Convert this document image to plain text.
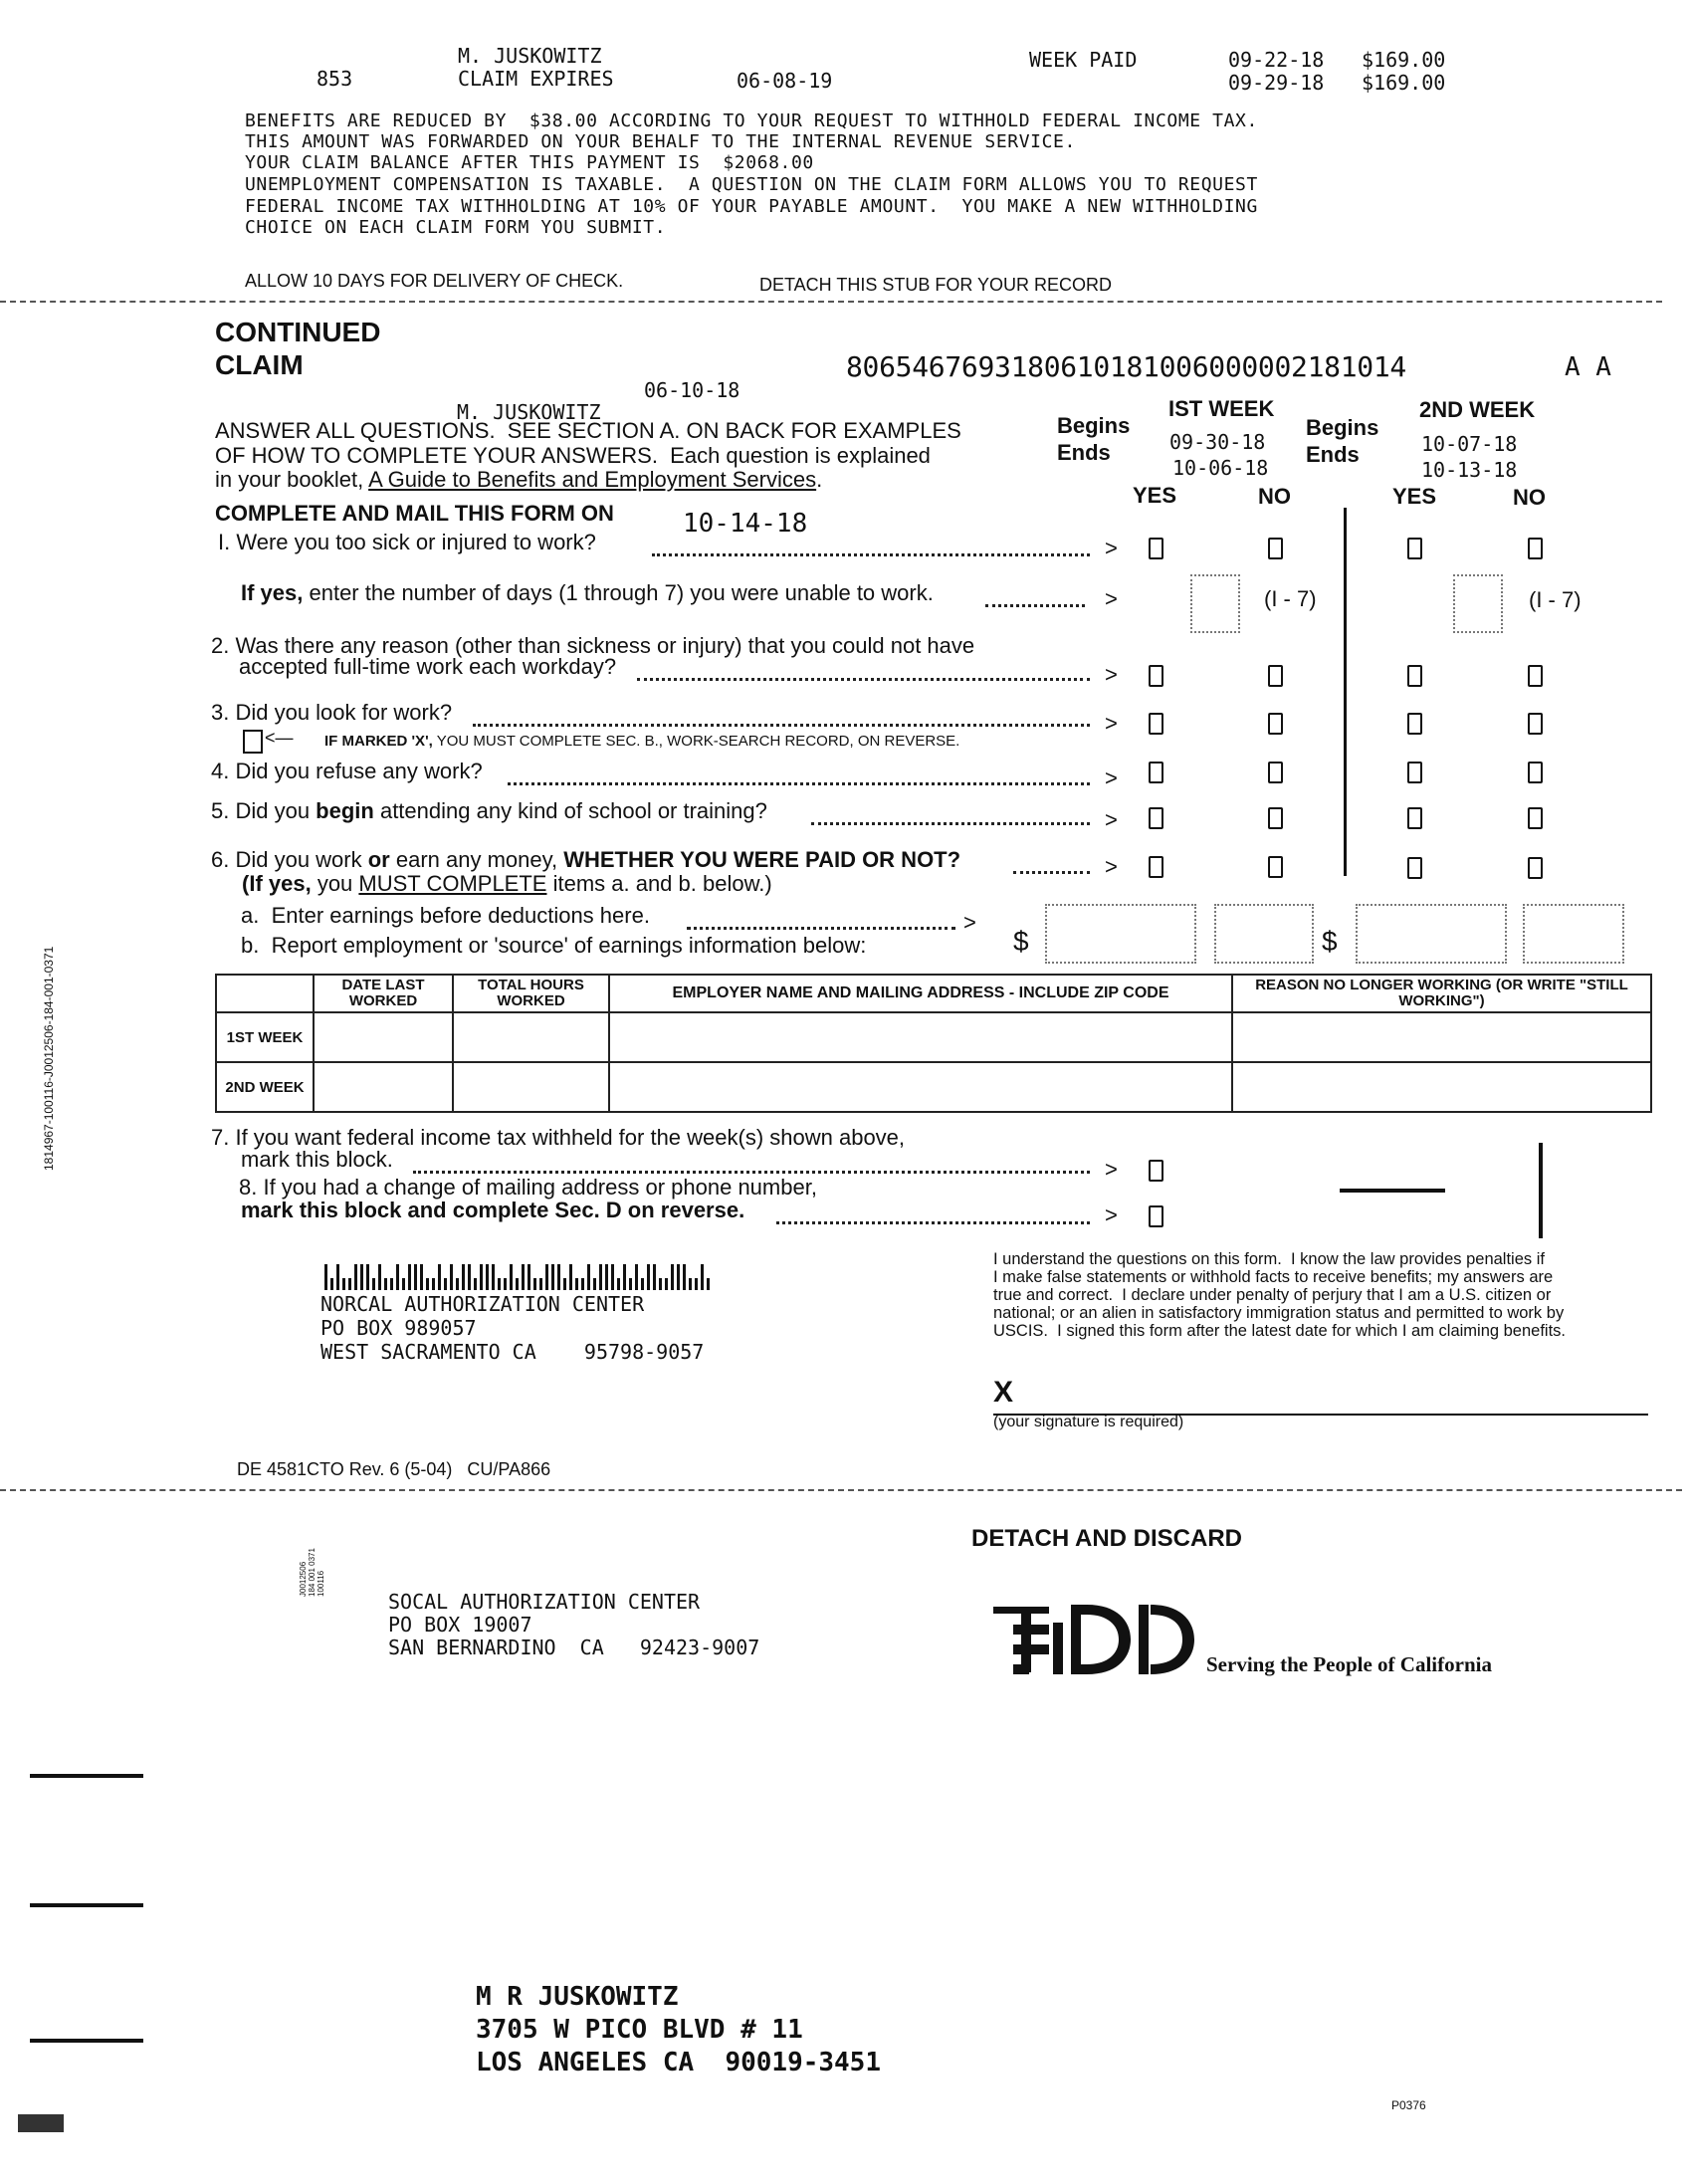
M. JUSKOWITZ
853	CLAIM EXPIRES	06-08-19
WEEK PAID	09-22-18 $169.00
09-29-18 $169.00
BENEFITS ARE REDUCED BY  $38.00 ACCORDING TO YOUR REQUEST TO WITHHOLD FEDERAL INCOME TAX.
THIS AMOUNT WAS FORWARDED ON YOUR BEHALF TO THE INTERNAL REVENUE SERVICE.
YOUR CLAIM BALANCE AFTER THIS PAYMENT IS  $2068.00
UNEMPLOYMENT COMPENSATION IS TAXABLE.  A QUESTION ON THE CLAIM FORM ALLOWS YOU TO REQUEST
FEDERAL INCOME TAX WITHHOLDING AT 10% OF YOUR PAYABLE AMOUNT.  YOU MAKE A NEW WITHHOLDING
CHOICE ON EACH CLAIM FORM YOU SUBMIT.
ALLOW 10 DAYS FOR DELIVERY OF CHECK.	DETACH THIS STUB FOR YOUR RECORD
CONTINUED
CLAIM	8065467693180610181006000002181014	A A
06-10-18
M. JUSKOWITZ
ANSWER ALL QUESTIONS.  SEE SECTION A. ON BACK FOR EXAMPLES
OF HOW TO COMPLETE YOUR ANSWERS.  Each question is explained
in your booklet, A Guide to Benefits and Employment Services.
IST WEEK
Begins
Ends	09-30-18
10-06-18
2ND WEEK
Begins
Ends	10-07-18
10-13-18
YES	NO	YES	NO
COMPLETE AND MAIL THIS FORM ON	10-14-18
I. Were you too sick or injured to work?	>
If yes, enter the number of days (1 through 7) you were unable to work.	>	(I - 7)	(I - 7)
2. Was there any reason (other than sickness or injury) that you could not have
accepted full-time work each workday?	>
3. Did you look for work?	>
<— IF MARKED 'X', YOU MUST COMPLETE SEC. B., WORK-SEARCH RECORD, ON REVERSE.
4. Did you refuse any work?	>
5. Did you begin attending any kind of school or training?	>
6. Did you work or earn any money, WHETHER YOU WERE PAID OR NOT?	>
(If yes, you MUST COMPLETE items a. and b. below.)
a.  Enter earnings before deductions here.	>
b.  Report employment or 'source' of earnings information below:	$	$
	DATE LAST WORKED	TOTAL HOURS WORKED	EMPLOYER NAME AND MAILING ADDRESS - INCLUDE ZIP CODE	REASON NO LONGER WORKING (OR WRITE "STILL WORKING")
1ST WEEK				
2ND WEEK				
7. If you want federal income tax withheld for the week(s) shown above,
mark this block.	>
8. If you had a change of mailing address or phone number,
mark this block and complete Sec. D on reverse.	>
NORCAL AUTHORIZATION CENTER
PO BOX 989057
WEST SACRAMENTO CA    95798-9057
I understand the questions on this form.  I know the law provides penalties if
I make false statements or withhold facts to receive benefits; my answers are
true and correct.  I declare under penalty of perjury that I am a U.S. citizen or
national; or an alien in satisfactory immigration status and permitted to work by
USCIS.  I signed this form after the latest date for which I am claiming benefits.
X
(your signature is required)
DE 4581CTO Rev. 6 (5-04)   CU/PA866
1814967-100116-J0012506-184-001-0371
DETACH AND DISCARD
J0012506
184 001 0371
100116
SOCAL AUTHORIZATION CENTER
PO BOX 19007
SAN BERNARDINO  CA   92423-9007
Serving the People of California
M R JUSKOWITZ
3705 W PICO BLVD # 11
LOS ANGELES CA  90019-3451
P0376
